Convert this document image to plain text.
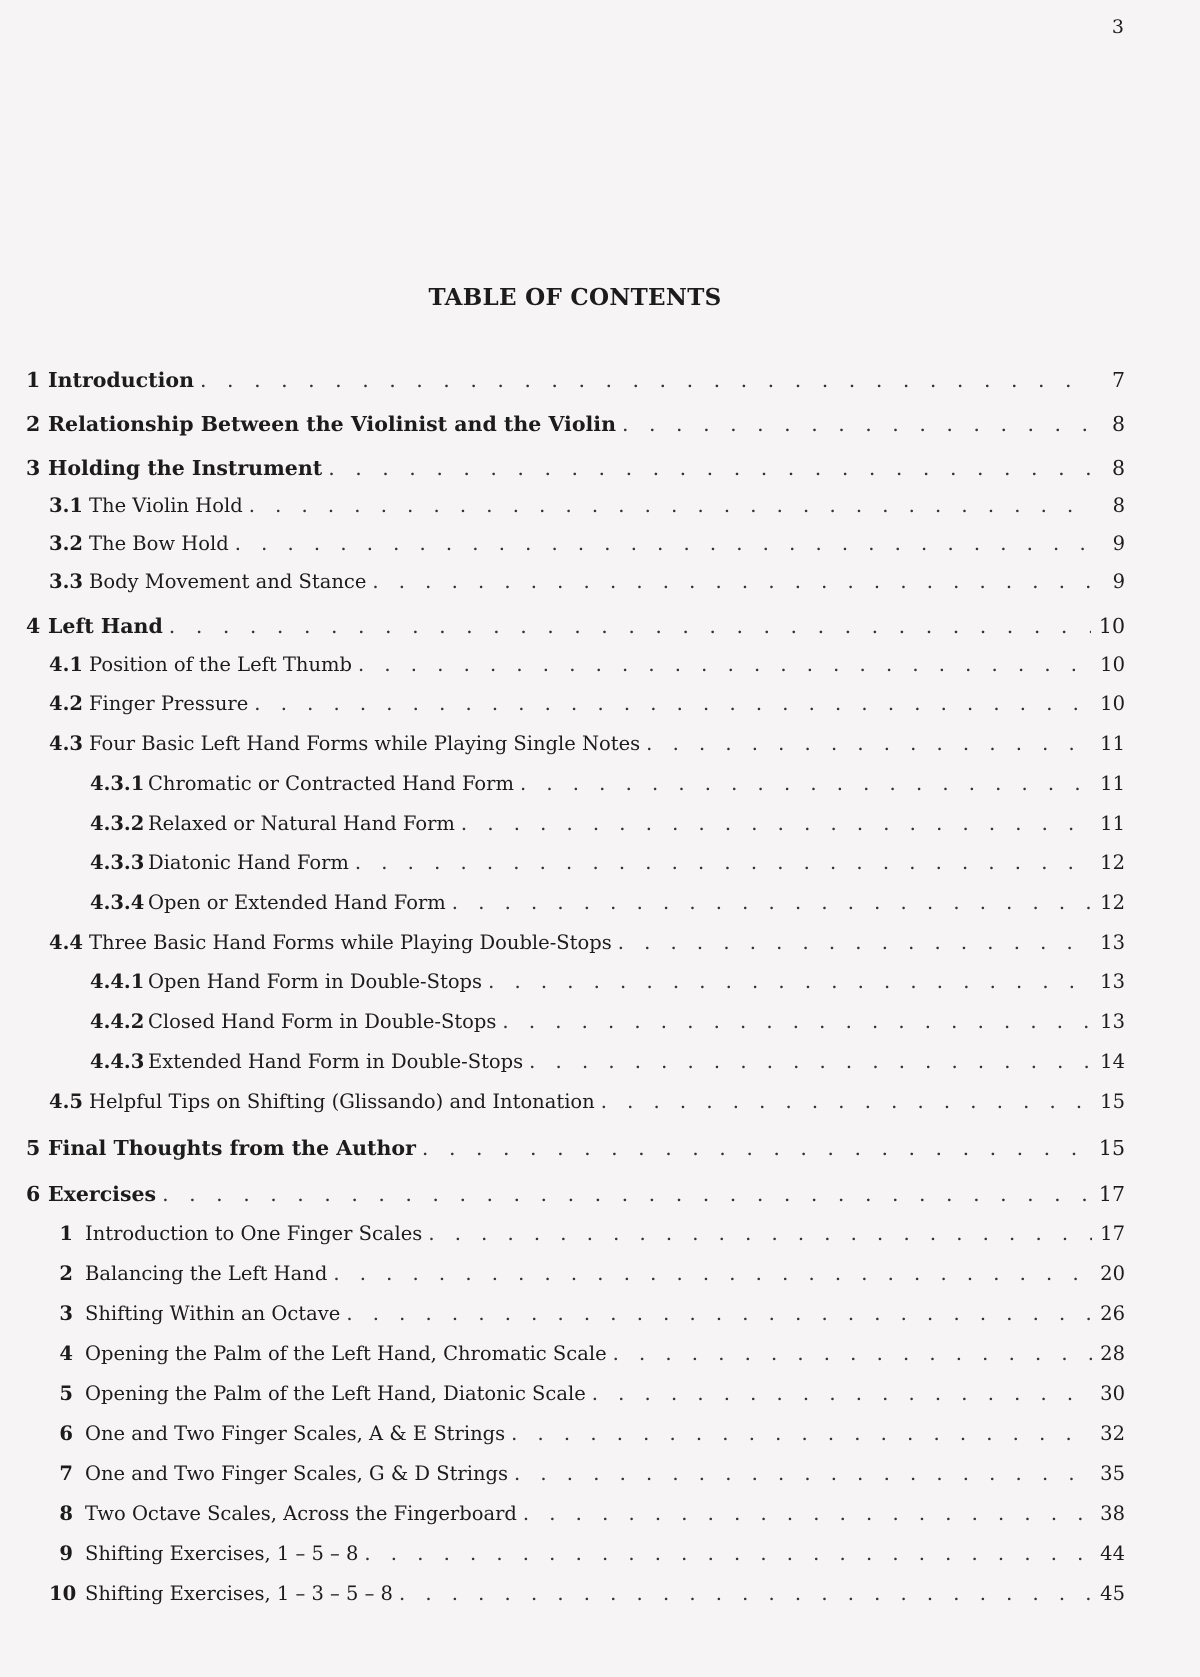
3
TABLE OF CONTENTS
1 Introduction . . .	7
2 Relationship Between the Violinist and the Violin . . .	8
3 Holding the Instrument . . .	8
3.1 The Violin Hold . . .	8
3.2 The Bow Hold . . .	9
3.3 Body Movement and Stance . . .	9
4 Left Hand . . .	10
4.1 Position of the Left Thumb . . .	10
4.2 Finger Pressure . . .	10
4.3 Four Basic Left Hand Forms while Playing Single Notes . . .	11
4.3.1 Chromatic or Contracted Hand Form . . .	11
4.3.2 Relaxed or Natural Hand Form . . .	11
4.3.3 Diatonic Hand Form . . .	12
4.3.4 Open or Extended Hand Form . . .	12
4.4 Three Basic Hand Forms while Playing Double-Stops . . .	13
4.4.1 Open Hand Form in Double-Stops . . .	13
4.4.2 Closed Hand Form in Double-Stops . . .	13
4.4.3 Extended Hand Form in Double-Stops . . .	14
4.5 Helpful Tips on Shifting (Glissando) and Intonation . . .	15
5 Final Thoughts from the Author . . .	15
6 Exercises . . .	17
1 Introduction to One Finger Scales . . .	17
2 Balancing the Left Hand . . .	20
3 Shifting Within an Octave . . .	26
4 Opening the Palm of the Left Hand, Chromatic Scale . . .	28
5 Opening the Palm of the Left Hand, Diatonic Scale . . .	30
6 One and Two Finger Scales, A & E Strings . . .	32
7 One and Two Finger Scales, G & D Strings . . .	35
8 Two Octave Scales, Across the Fingerboard . . .	38
9 Shifting Exercises, 1 – 5 – 8 . . .	44
10 Shifting Exercises, 1 – 3 – 5 – 8 . . .	45
